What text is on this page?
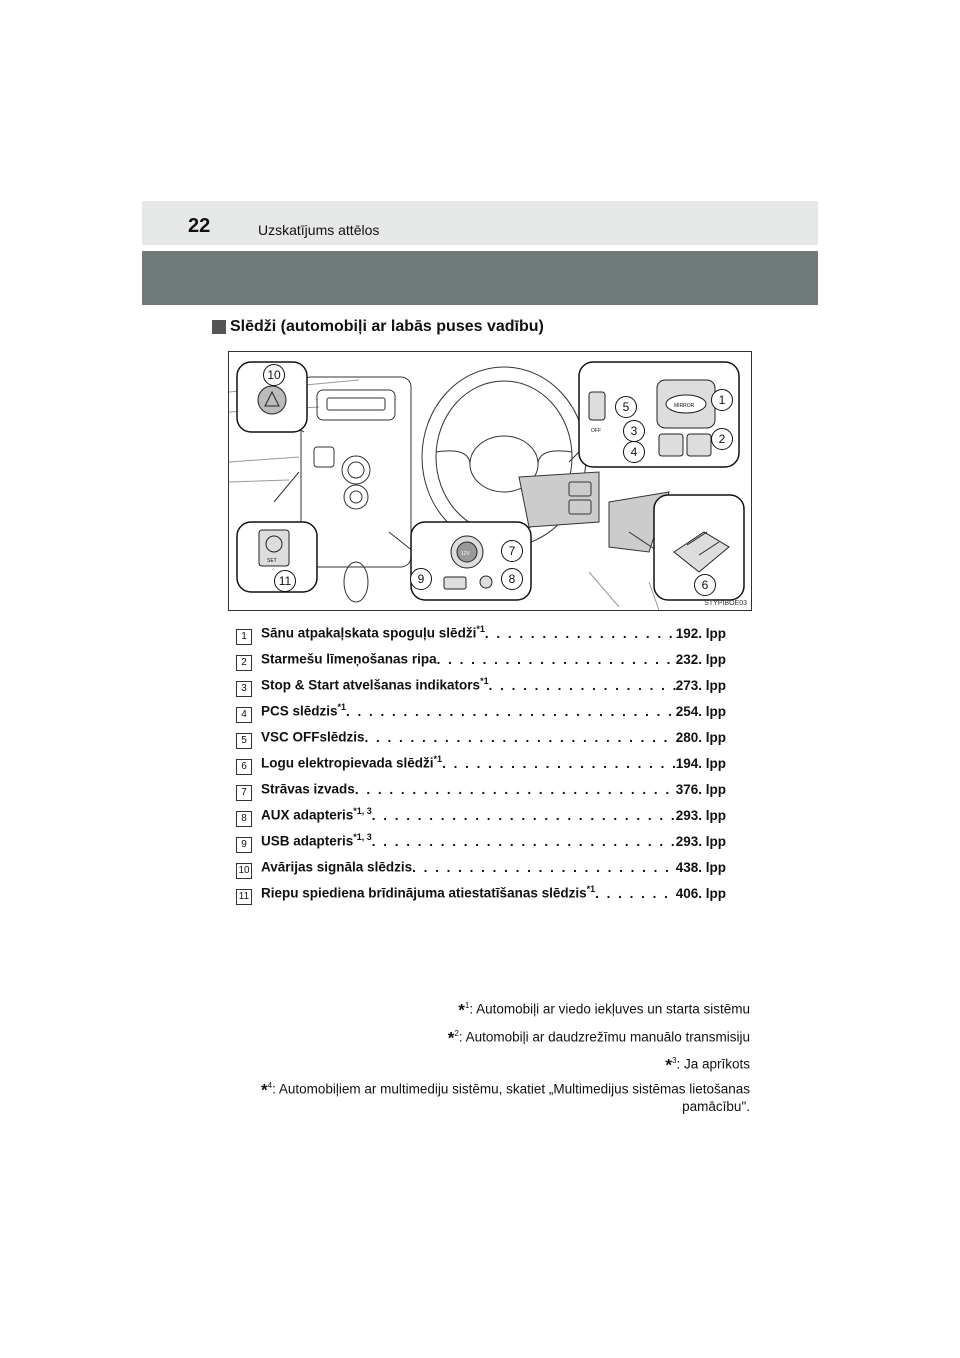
22	Uzskatījums attēlos
Slēdži (automobiļi ar labās puses vadību)
OFF
MIRROR
12V
SET
10
11	9
7
8
5
3
4
1
2
6
STYPIBOE03
1	Sānu atpakaļskata spoguļu slēdži$^{*1}$ . . .	192. lpp
2	Starmešu līmeņošanas ripa . . .	232. lpp
3	Stop & Start atvelšanas indikators$^{*1}$ . . .	273. lpp
4	PCS slēdzis$^{*1}$ . . .	254. lpp
5	VSC OFFslēdzis . . .	280. lpp
6	Logu elektropievada slēdži$^{*1}$ . . .	194. lpp
7	Strāvas izvads . . .	376. lpp
8	AUX adapteris$^{*1, 3}$ . . .	293. lpp
9	USB adapteris$^{*1, 3}$ . . .	293. lpp
10 Avārijas signāla slēdzis . . .	438. lpp
11 Riepu spiediena brīdinājuma atiestatīšanas slēdzis$^{*1}$ . . .	406. lpp
*$^1$: Automobiļi ar viedo iekļuves un starta sistēmu
*$^2$: Automobiļi ar daudzrežīmu manuālo transmisiju
*$^3$: Ja aprīkots
*$^4$: Automobiļiem ar multimediju sistēmu, skatiet „Multimedijus sistēmas lietošanas pamācību".
